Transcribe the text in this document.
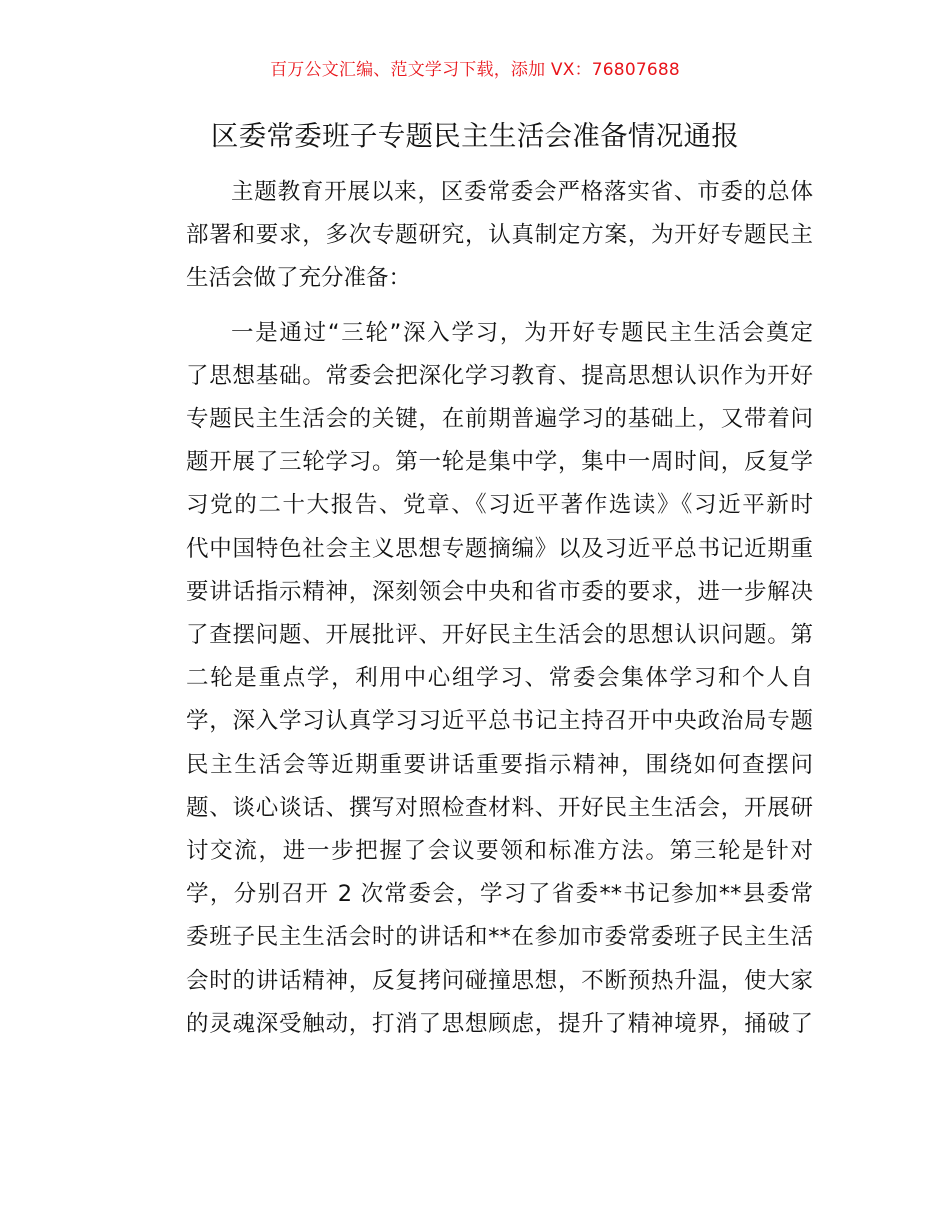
百万公文汇编、范文学习下载，添加 VX：76807688
区委常委班子专题民主生活会准备情况通报
主题教育开展以来，区委常委会严格落实省、市委的总体
部署和要求，多次专题研究，认真制定方案，为开好专题民主
生活会做了充分准备：
一是通过“三轮”深入学习，为开好专题民主生活会奠定
了思想基础。常委会把深化学习教育、提高思想认识作为开好
专题民主生活会的关键，在前期普遍学习的基础上，又带着问
题开展了三轮学习。第一轮是集中学，集中一周时间，反复学
习党的二十大报告、党章、《习近平著作选读》《习近平新时
代中国特色社会主义思想专题摘编》以及习近平总书记近期重
要讲话指示精神，深刻领会中央和省市委的要求，进一步解决
了查摆问题、开展批评、开好民主生活会的思想认识问题。第
二轮是重点学，利用中心组学习、常委会集体学习和个人自
学，深入学习认真学习习近平总书记主持召开中央政治局专题
民主生活会等近期重要讲话重要指示精神，围绕如何查摆问
题、谈心谈话、撰写对照检查材料、开好民主生活会，开展研
讨交流，进一步把握了会议要领和标准方法。第三轮是针对
学，分别召开 2 次常委会，学习了省委**书记参加**县委常
委班子民主生活会时的讲话和**在参加市委常委班子民主生活
会时的讲话精神，反复拷问碰撞思想，不断预热升温，使大家
的灵魂深受触动，打消了思想顾虑，提升了精神境界，捅破了
